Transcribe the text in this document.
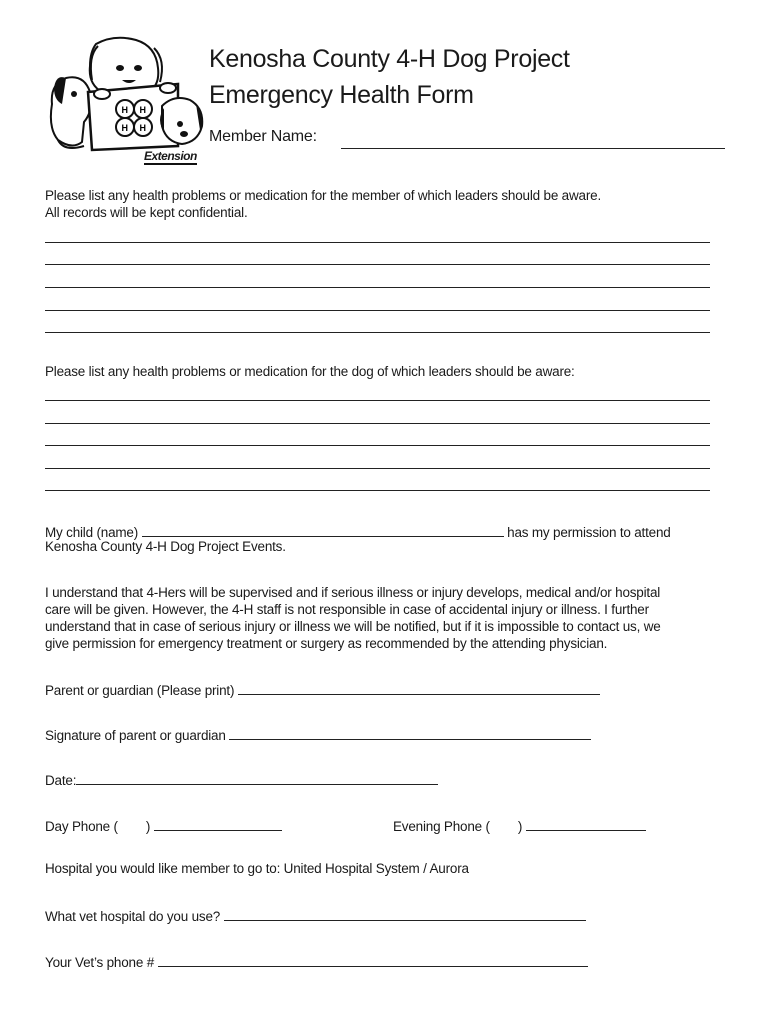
H H
H H
Extension
Kenosha County 4-H Dog Project
Emergency Health Form
Member Name:
Please list any health problems or medication for the member of which leaders should be aware.
All records will be kept confidential.
Please list any health problems or medication for the dog of which leaders should be aware:
My child (name)	has my permission to attend
Kenosha County 4-H Dog Project Events.
I understand that 4-Hers will be supervised and if serious illness or injury develops, medical and/or hospital
care will be given. However, the 4-H staff is not responsible in case of accidental injury or illness. I further
understand that in case of serious injury or illness we will be notified, but if it is impossible to contact us, we
give permission for emergency treatment or surgery as recommended by the attending physician.
Parent or guardian (Please print)
Signature of parent or guardian
Date:
Day Phone ( )	Evening Phone ( )
Hospital you would like member to go to: United Hospital System / Aurora
What vet hospital do you use?
Your Vet’s phone #
